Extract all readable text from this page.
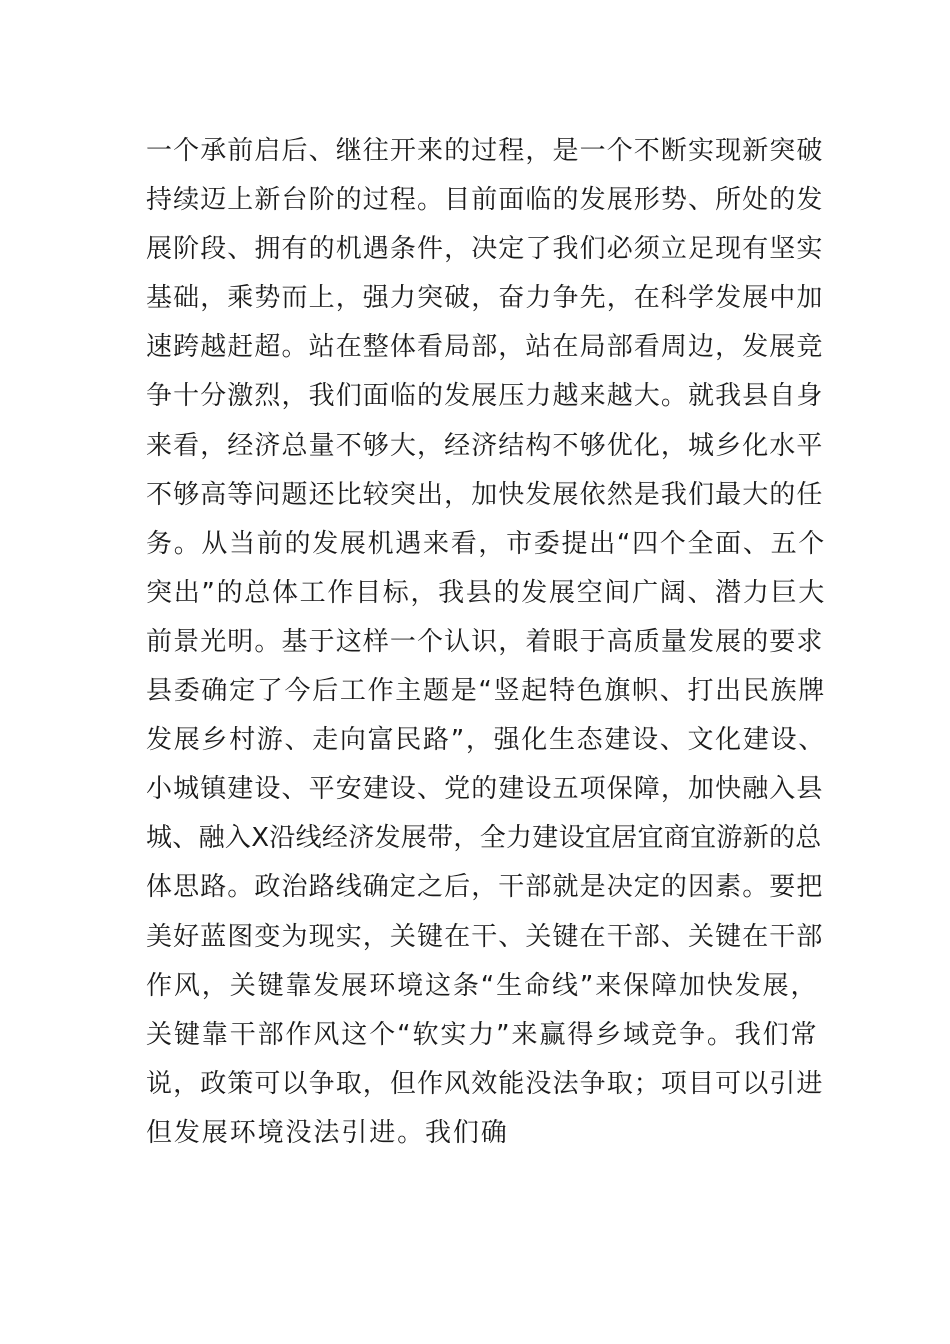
一个承前启后、继往开来的过程，是一个不断实现新突破
持续迈上新台阶的过程。目前面临的发展形势、所处的发
展阶段、拥有的机遇条件，决定了我们必须立足现有坚实
基础，乘势而上，强力突破，奋力争先，在科学发展中加
速跨越赶超。站在整体看局部，站在局部看周边，发展竞
争十分激烈，我们面临的发展压力越来越大。就我县自身
来看，经济总量不够大，经济结构不够优化，城乡化水平
不够高等问题还比较突出，加快发展依然是我们最大的任
务。从当前的发展机遇来看，市委提出“四个全面、五个
突出”的总体工作目标，我县的发展空间广阔、潜力巨大
前景光明。基于这样一个认识，着眼于高质量发展的要求
县委确定了今后工作主题是“竖起特色旗帜、打出民族牌
发展乡村游、走向富民路”，强化生态建设、文化建设、
小城镇建设、平安建设、党的建设五项保障，加快融入县
城、融入X沿线经济发展带，全力建设宜居宜商宜游新的总
体思路。政治路线确定之后，干部就是决定的因素。要把
美好蓝图变为现实，关键在干、关键在干部、关键在干部
作风，关键靠发展环境这条“生命线”来保障加快发展，
关键靠干部作风这个“软实力”来赢得乡域竞争。我们常
说，政策可以争取，但作风效能没法争取；项目可以引进
但发展环境没法引进。我们确
